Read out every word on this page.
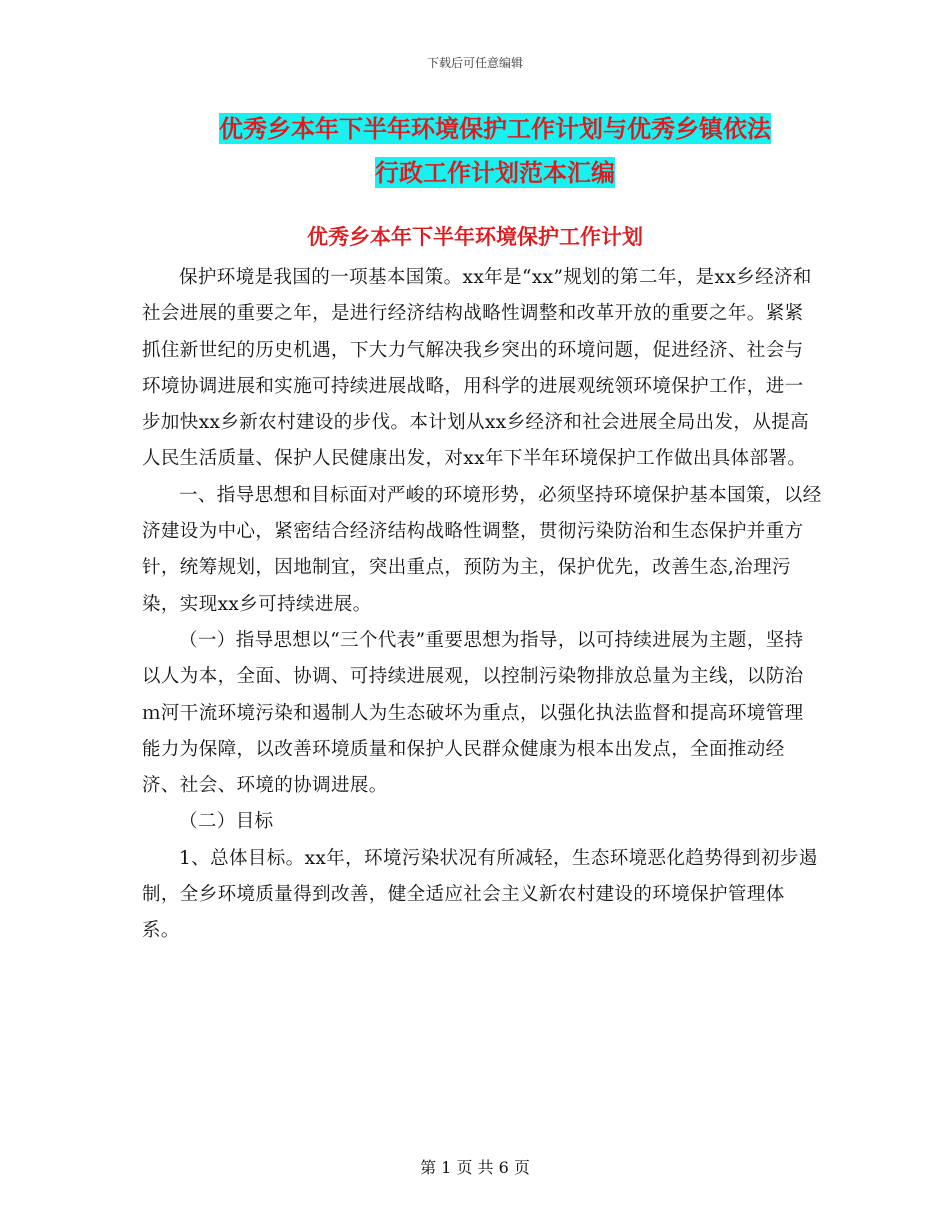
下载后可任意编辑
优秀乡本年下半年环境保护工作计划与优秀乡镇依法
行政工作计划范本汇编
优秀乡本年下半年环境保护工作计划

保护环境是我国的一项基本国策。xx年是“xx”规划的第二年，是xx乡经济和社会进展的重要之年，是进行经济结构战略性调整和改革开放的重要之年。紧紧抓住新世纪的历史机遇，下大力气解决我乡突出的环境问题，促进经济、社会与环境协调进展和实施可持续进展战略，用科学的进展观统领环境保护工作，进一步加快xx乡新农村建设的步伐。本计划从xx乡经济和社会进展全局出发，从提高人民生活质量、保护人民健康出发，对xx年下半年环境保护工作做出具体部署。

一、指导思想和目标面对严峻的环境形势，必须坚持环境保护基本国策，以经济建设为中心，紧密结合经济结构战略性调整，贯彻污染防治和生态保护并重方针，统筹规划，因地制宜，突出重点，预防为主，保护优先，改善生态,治理污染，实现xx乡可持续进展。

（一）指导思想以“三个代表”重要思想为指导，以可持续进展为主题，坚持以人为本，全面、协调、可持续进展观，以控制污染物排放总量为主线，以防治ｍ河干流环境污染和遏制人为生态破坏为重点，以强化执法监督和提高环境管理能力为保障，以改善环境质量和保护人民群众健康为根本出发点，全面推动经济、社会、环境的协调进展。

（二）目标

1、总体目标。xx年，环境污染状况有所减轻，生态环境恶化趋势得到初步遏制，全乡环境质量得到改善，健全适应社会主义新农村建设的环境保护管理体系。

第 1 页 共 6 页
